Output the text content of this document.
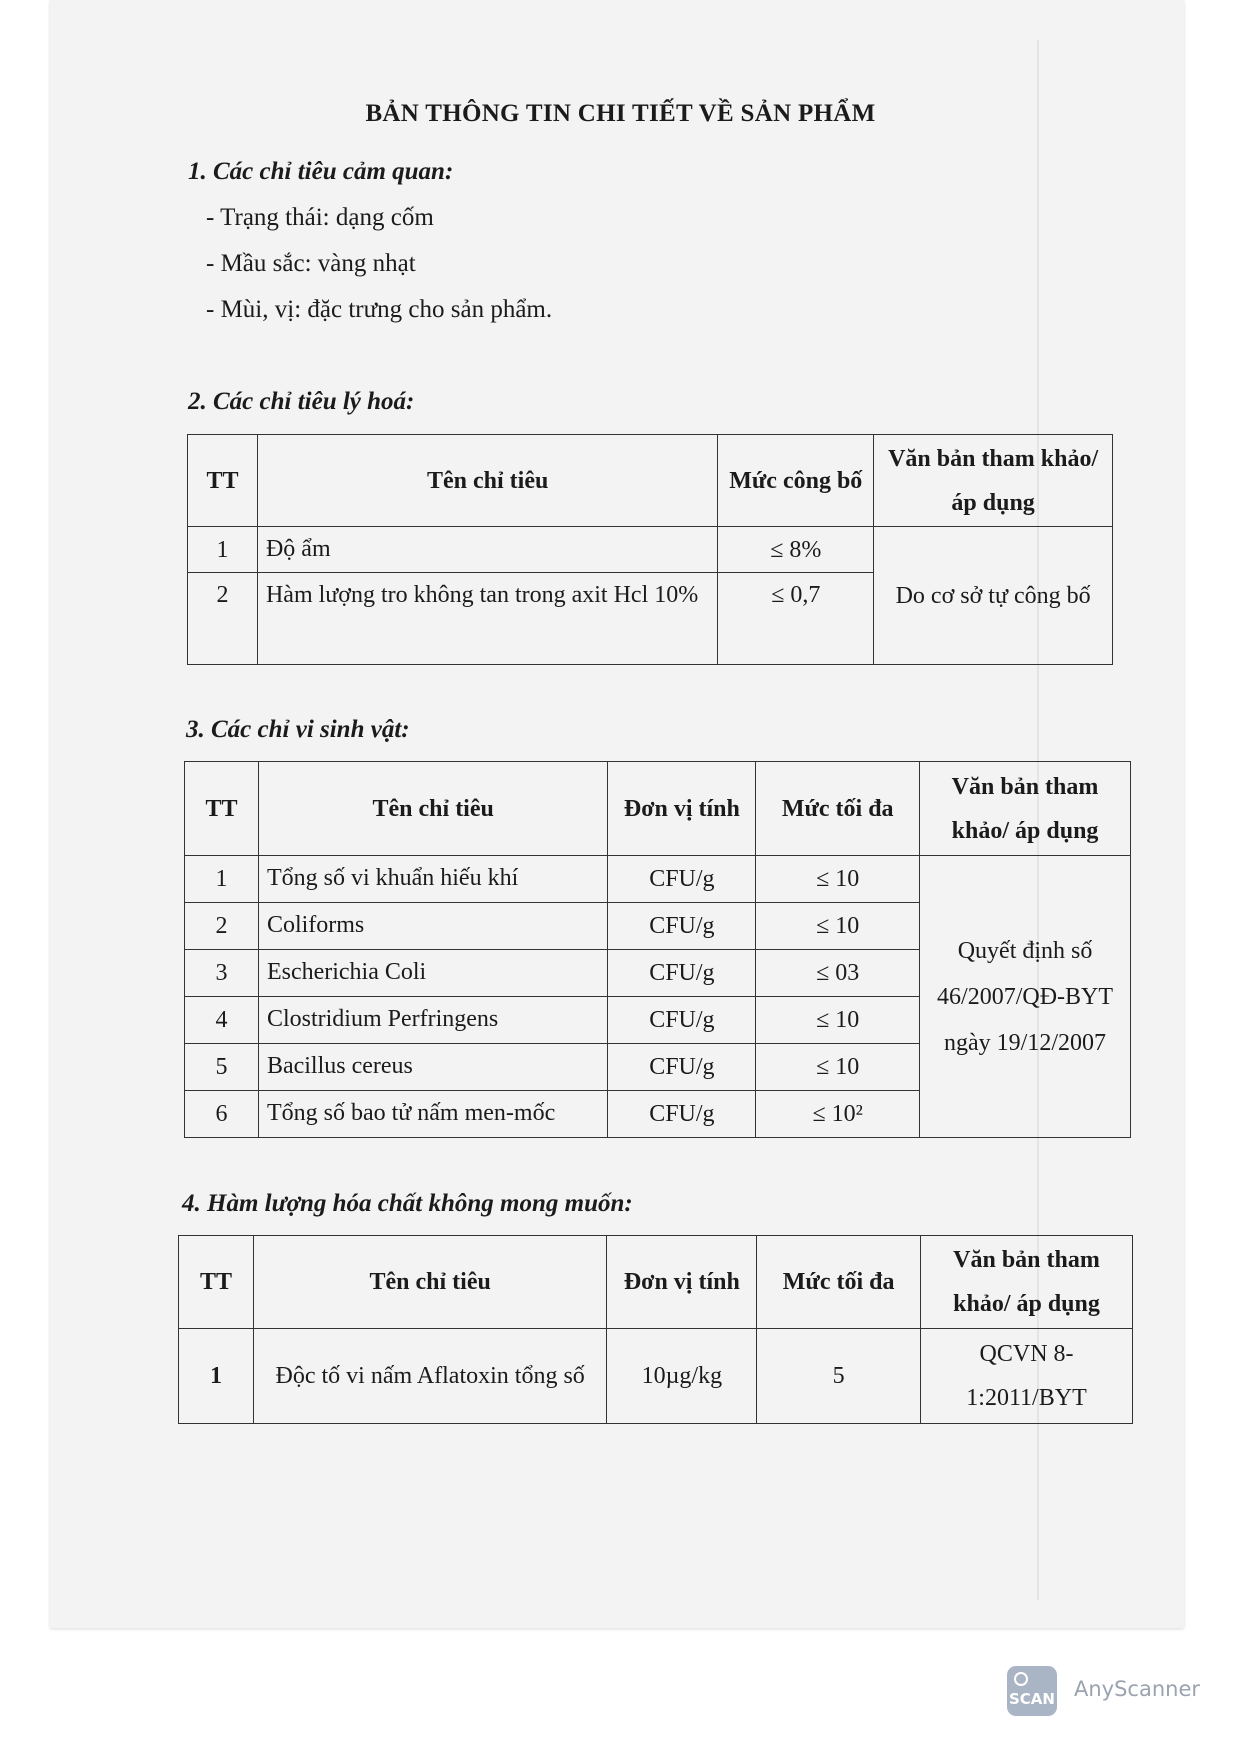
BẢN THÔNG TIN CHI TIẾT VỀ SẢN PHẨM
1. Các chỉ tiêu cảm quan:
- Trạng thái: dạng cốm
- Mầu sắc: vàng nhạt
- Mùi, vị: đặc trưng cho sản phẩm.
2. Các chỉ tiêu lý hoá:
TT	Tên chỉ tiêu	Mức công bố	Văn bản tham khảo/ áp dụng
1	Độ ẩm	≤ 8%	Do cơ sở tự công bố
2	Hàm lượng tro không tan trong axit Hcl 10%	≤ 0,7	
3. Các chỉ vi sinh vật:
TT	Tên chỉ tiêu	Đơn vị tính	Mức tối đa	Văn bản tham khảo/ áp dụng
1	Tổng số vi khuẩn hiếu khí	CFU/g	≤ 10	Quyết định số 46/2007/QĐ-BYT ngày 19/12/2007
2	Coliforms	CFU/g	≤ 10	
3	Escherichia Coli	CFU/g	≤ 03	
4	Clostridium Perfringens	CFU/g	≤ 10	
5	Bacillus cereus	CFU/g	≤ 10	
6	Tổng số bao tử nấm men-mốc	CFU/g	≤ 10²	
4. Hàm lượng hóa chất không mong muốn:
TT	Tên chỉ tiêu	Đơn vị tính	Mức tối đa	Văn bản tham khảo/ áp dụng
1	Độc tố vi nấm Aflatoxin tổng số	10µg/kg	5	QCVN 8-1:2011/BYT
SCAN AnyScanner
